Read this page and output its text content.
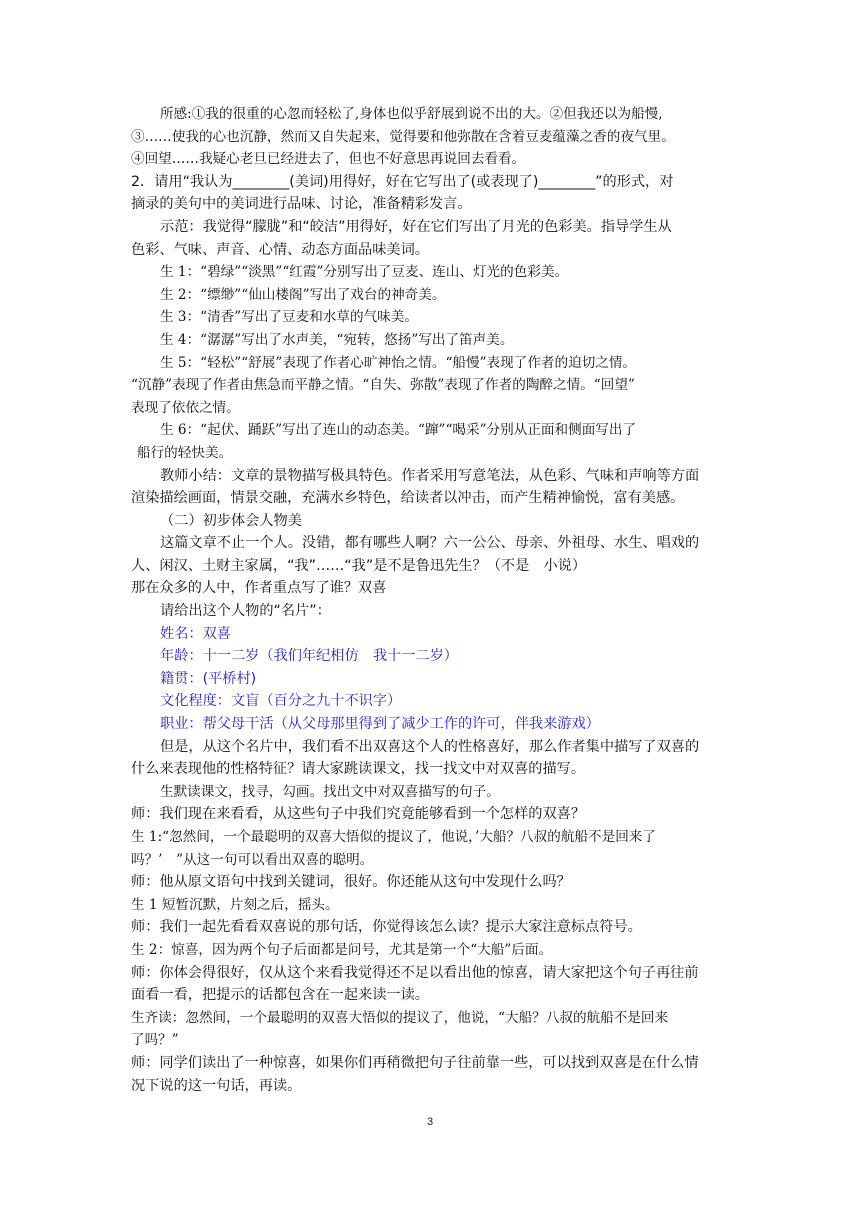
所感:①我的很重的心忽而轻松了,身体也似乎舒展到说不出的大。②但我还以为船慢,
③……使我的心也沉静，然而又自失起来，觉得要和他弥散在含着豆麦蕴藻之香的夜气里。
④回望……我疑心老旦已经进去了，但也不好意思再说回去看看。
2．请用“我认为________(美词)用得好，好在它写出了(或表现了)________”的形式，对
摘录的美句中的美词进行品味、讨论，准备精彩发言。
示范：我觉得“朦胧”和“皎洁”用得好，好在它们写出了月光的色彩美。指导学生从
色彩、气味、声音、心情、动态方面品味美词。
生 1：“碧绿”“淡黑”“红霞”分别写出了豆麦、连山、灯光的色彩美。
生 2：“缥缈”“仙山楼阁”写出了戏台的神奇美。
生 3：“清香”写出了豆麦和水草的气味美。
生 4：“潺潺”写出了水声美，“宛转，悠扬”写出了笛声美。
生 5：“轻松”“舒展”表现了作者心旷神怡之情。“船慢”表现了作者的迫切之情。
“沉静”表现了作者由焦急而平静之情。“自失、弥散”表现了作者的陶醉之情。“回望”
表现了依依之情。
生 6：“起伏、踊跃”写出了连山的动态美。“蹿”“喝采”分别从正面和侧面写出了
船行的轻快美。
教师小结：文章的景物描写极具特色。作者采用写意笔法，从色彩、气味和声响等方面
渲染描绘画面，情景交融，充满水乡特色，给读者以冲击，而产生精神愉悦，富有美感。
（二）初步体会人物美
这篇文章不止一个人。没错，都有哪些人啊？六一公公、母亲、外祖母、水生、唱戏的
人、闲汉、土财主家属，“我”……“我”是不是鲁迅先生？（不是　小说）
那在众多的人中，作者重点写了谁？双喜
请给出这个人物的“名片”：
姓名：双喜
年龄：十一二岁（我们年纪相仿　我十一二岁）
籍贯：(平桥村)
文化程度：文盲（百分之九十不识字）
职业：帮父母干活（从父母那里得到了减少工作的许可，伴我来游戏）
但是，从这个名片中，我们看不出双喜这个人的性格喜好，那么作者集中描写了双喜的
什么来表现他的性格特征？请大家跳读课文，找一找文中对双喜的描写。
生默读课文，找寻，勾画。找出文中对双喜描写的句子。
师：我们现在来看看，从这些句子中我们究竟能够看到一个怎样的双喜？
生 1:“忽然间，一个最聪明的双喜大悟似的提议了，他说，’大船？八叔的航船不是回来了
吗？’　”从这一句可以看出双喜的聪明。
师：他从原文语句中找到关键词，很好。你还能从这句中发现什么吗？
生 1 短暂沉默，片刻之后，摇头。
师：我们一起先看看双喜说的那句话，你觉得该怎么读？提示大家注意标点符号。
生 2：惊喜，因为两个句子后面都是问号，尤其是第一个“大船”后面。
师：你体会得很好，仅从这个来看我觉得还不足以看出他的惊喜，请大家把这个句子再往前
面看一看，把提示的话都包含在一起来读一读。
生齐读：忽然间，一个最聪明的双喜大悟似的提议了，他说，“大船？八叔的航船不是回来
了吗？”
师：同学们读出了一种惊喜，如果你们再稍微把句子往前靠一些，可以找到双喜是在什么情
况下说的这一句话，再读。
3
